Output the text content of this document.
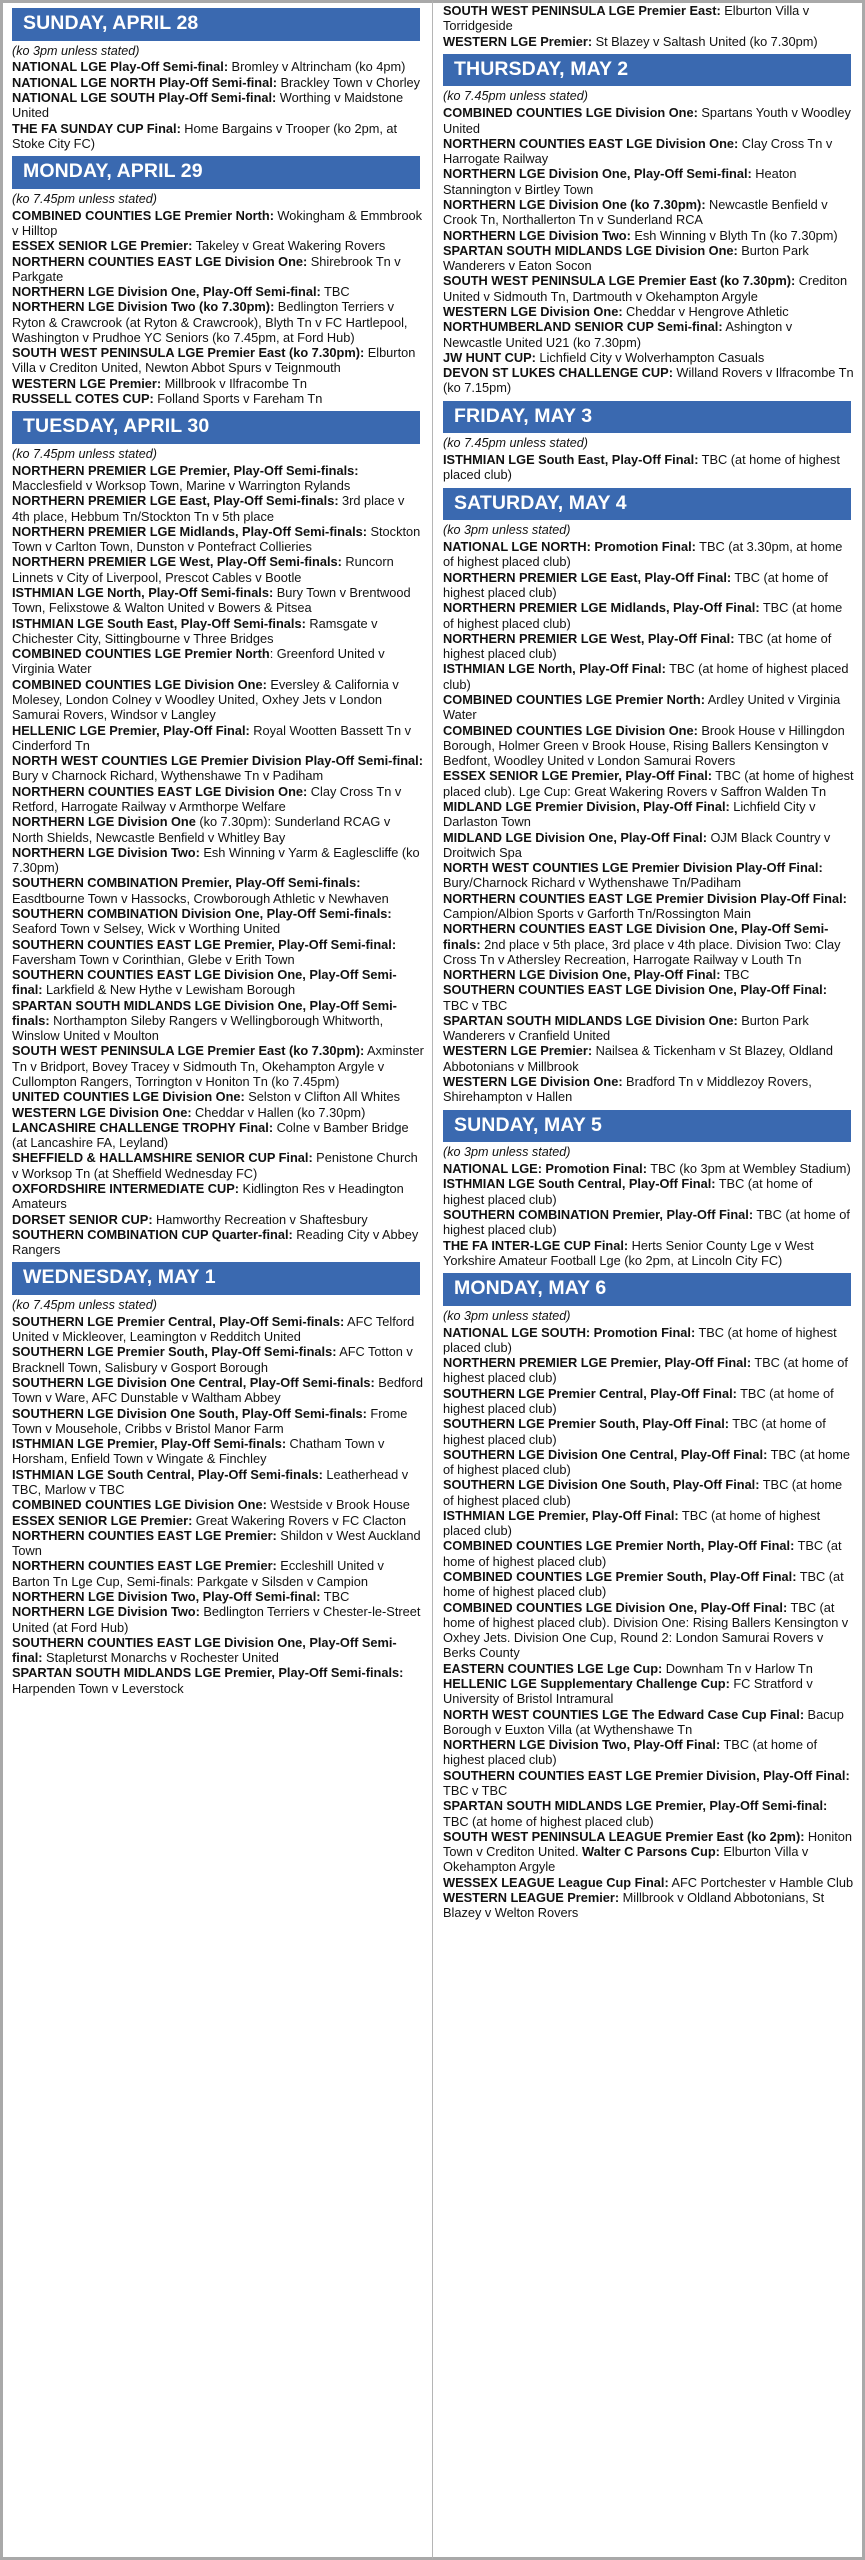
SUNDAY, APRIL 28
(ko 3pm unless stated)

NATIONAL LGE Play-Off Semi-final: Bromley v Altrincham (ko 4pm)

NATIONAL LGE NORTH Play-Off Semi-final: Brackley Town v Chorley

NATIONAL LGE SOUTH Play-Off Semi-final: Worthing v Maidstone United

THE FA SUNDAY CUP Final: Home Bargains v Trooper (ko 2pm, at Stoke City FC)

MONDAY, APRIL 29
(ko 7.45pm unless stated)

COMBINED COUNTIES LGE Premier North: Wokingham & Emmbrook v Hilltop

ESSEX SENIOR LGE Premier: Takeley v Great Wakering Rovers

NORTHERN COUNTIES EAST LGE Division One: Shirebrook Tn v Parkgate

NORTHERN LGE Division One, Play-Off Semi-final: TBC

NORTHERN LGE Division Two (ko 7.30pm): Bedlington Terriers v Ryton & Crawcrook (at Ryton & Crawcrook), Blyth Tn v FC Hartlepool, Washington v Prudhoe YC Seniors (ko 7.45pm, at Ford Hub)

SOUTH WEST PENINSULA LGE Premier East (ko 7.30pm): Elburton Villa v Crediton United, Newton Abbot Spurs v Teignmouth

WESTERN LGE Premier: Millbrook v Ilfracombe Tn

RUSSELL COTES CUP: Folland Sports v Fareham Tn

TUESDAY, APRIL 30
(ko 7.45pm unless stated)

NORTHERN PREMIER LGE Premier, Play-Off Semi-finals: Macclesfield v Worksop Town, Marine v Warrington Rylands

NORTHERN PREMIER LGE East, Play-Off Semi-finals: 3rd place v 4th place, Hebbum Tn/Stockton Tn v 5th place

NORTHERN PREMIER LGE Midlands, Play-Off Semi-finals: Stockton Town v Carlton Town, Dunston v Pontefract Collieries

NORTHERN PREMIER LGE West, Play-Off Semi-finals: Runcorn Linnets v City of Liverpool, Prescot Cables v Bootle

ISTHMIAN LGE North, Play-Off Semi-finals: Bury Town v Brentwood Town, Felixstowe & Walton United v Bowers & Pitsea

ISTHMIAN LGE South East, Play-Off Semi-finals: Ramsgate v Chichester City, Sittingbourne v Three Bridges

COMBINED COUNTIES LGE Premier North: Greenford United v Virginia Water

COMBINED COUNTIES LGE Division One: Eversley & California v Molesey, London Colney v Woodley United, Oxhey Jets v London Samurai Rovers, Windsor v Langley

HELLENIC LGE Premier, Play-Off Final: Royal Wootten Bassett Tn v Cinderford Tn

NORTH WEST COUNTIES LGE Premier Division Play-Off Semi-final: Bury v Charnock Richard, Wythenshawe Tn v Padiham

NORTHERN COUNTIES EAST LGE Division One: Clay Cross Tn v Retford, Harrogate Railway v Armthorpe Welfare

NORTHERN LGE Division One (ko 7.30pm): Sunderland RCAG v North Shields, Newcastle Benfield v Whitley Bay

NORTHERN LGE Division Two: Esh Winning v Yarm & Eaglescliffe (ko 7.30pm)

SOUTHERN COMBINATION Premier, Play-Off Semi-finals: Easdtbourne Town v Hassocks, Crowborough Athletic v Newhaven

SOUTHERN COMBINATION Division One, Play-Off Semi-finals: Seaford Town v Selsey, Wick v Worthing United

SOUTHERN COUNTIES EAST LGE Premier, Play-Off Semi-final: Faversham Town v Corinthian, Glebe v Erith Town

SOUTHERN COUNTIES EAST LGE Division One, Play-Off Semi-final: Larkfield & New Hythe v Lewisham Borough

SPARTAN SOUTH MIDLANDS LGE Division One, Play-Off Semi-finals: Northampton Sileby Rangers v Wellingborough Whitworth, Winslow United v Moulton

SOUTH WEST PENINSULA LGE Premier East (ko 7.30pm): Axminster Tn v Bridport, Bovey Tracey v Sidmouth Tn, Okehampton Argyle v Cullompton Rangers, Torrington v Honiton Tn (ko 7.45pm)

UNITED COUNTIES LGE Division One: Selston v Clifton All Whites

WESTERN LGE Division One: Cheddar v Hallen (ko 7.30pm)

LANCASHIRE CHALLENGE TROPHY Final: Colne v Bamber Bridge (at Lancashire FA, Leyland)

SHEFFIELD & HALLAMSHIRE SENIOR CUP Final: Penistone Church v Worksop Tn (at Sheffield Wednesday FC)

OXFORDSHIRE INTERMEDIATE CUP: Kidlington Res v Headington Amateurs

DORSET SENIOR CUP: Hamworthy Recreation v Shaftesbury

SOUTHERN COMBINATION CUP Quarter-final: Reading City v Abbey Rangers

WEDNESDAY, MAY 1
(ko 7.45pm unless stated)

SOUTHERN LGE Premier Central, Play-Off Semi-finals: AFC Telford United v Mickleover, Leamington v Redditch United

SOUTHERN LGE Premier South, Play-Off Semi-finals: AFC Totton v Bracknell Town, Salisbury v Gosport Borough

SOUTHERN LGE Division One Central, Play-Off Semi-finals: Bedford Town v Ware, AFC Dunstable v Waltham Abbey

SOUTHERN LGE Division One South, Play-Off Semi-finals: Frome Town v Mousehole, Cribbs v Bristol Manor Farm

ISTHMIAN LGE Premier, Play-Off Semi-finals: Chatham Town v Horsham, Enfield Town v Wingate & Finchley

ISTHMIAN LGE South Central, Play-Off Semi-finals: Leatherhead v TBC, Marlow v TBC

COMBINED COUNTIES LGE Division One: Westside v Brook House

ESSEX SENIOR LGE Premier: Great Wakering Rovers v FC Clacton

NORTHERN COUNTIES EAST LGE Premier: Shildon v West Auckland Town

NORTHERN COUNTIES EAST LGE Premier: Eccleshill United v Barton Tn Lge Cup, Semi-finals: Parkgate v Silsden v Campion

NORTHERN LGE Division Two, Play-Off Semi-final: TBC

NORTHERN LGE Division Two: Bedlington Terriers v Chester-le-Street United (at Ford Hub)

SOUTHERN COUNTIES EAST LGE Division One, Play-Off Semi-final: Stapleturst Monarchs v Rochester United

SPARTAN SOUTH MIDLANDS LGE Premier, Play-Off Semi-finals: Harpenden Town v Leverstock

SOUTH WEST PENINSULA LGE Premier East: Elburton Villa v Torridgeside

WESTERN LGE Premier: St Blazey v Saltash United (ko 7.30pm)

THURSDAY, MAY 2
(ko 7.45pm unless stated)

COMBINED COUNTIES LGE Division One: Spartans Youth v Woodley United

NORTHERN COUNTIES EAST LGE Division One: Clay Cross Tn v Harrogate Railway

NORTHERN LGE Division One, Play-Off Semi-final: Heaton Stannington v Birtley Town

NORTHERN LGE Division One (ko 7.30pm): Newcastle Benfield v Crook Tn, Northallerton Tn v Sunderland RCA

NORTHERN LGE Division Two: Esh Winning v Blyth Tn (ko 7.30pm)

SPARTAN SOUTH MIDLANDS LGE Division One: Burton Park Wanderers v Eaton Socon

SOUTH WEST PENINSULA LGE Premier East (ko 7.30pm): Crediton United v Sidmouth Tn, Dartmouth v Okehampton Argyle

WESTERN LGE Division One: Cheddar v Hengrove Athletic

NORTHUMBERLAND SENIOR CUP Semi-final: Ashington v Newcastle United U21 (ko 7.30pm)

JW HUNT CUP: Lichfield City v Wolverhampton Casuals

DEVON ST LUKES CHALLENGE CUP: Willand Rovers v Ilfracombe Tn (ko 7.15pm)

FRIDAY, MAY 3
(ko 7.45pm unless stated)

ISTHMIAN LGE South East, Play-Off Final: TBC (at home of highest placed club)

SATURDAY, MAY 4
(ko 3pm unless stated)

NATIONAL LGE NORTH: Promotion Final: TBC (at 3.30pm, at home of highest placed club)

NORTHERN PREMIER LGE East, Play-Off Final: TBC (at home of highest placed club)

NORTHERN PREMIER LGE Midlands, Play-Off Final: TBC (at home of highest placed club)

NORTHERN PREMIER LGE West, Play-Off Final: TBC (at home of highest placed club)

ISTHMIAN LGE North, Play-Off Final: TBC (at home of highest placed club)

COMBINED COUNTIES LGE Premier North: Ardley United v Virginia Water

COMBINED COUNTIES LGE Division One: Brook House v Hillingdon Borough, Holmer Green v Brook House, Rising Ballers Kensington v Bedfont, Woodley United v London Samurai Rovers

ESSEX SENIOR LGE Premier, Play-Off Final: TBC (at home of highest placed club). Lge Cup: Great Wakering Rovers v Saffron Walden Tn

MIDLAND LGE Premier Division, Play-Off Final: Lichfield City v Darlaston Town

MIDLAND LGE Division One, Play-Off Final: OJM Black Country v Droitwich Spa

NORTH WEST COUNTIES LGE Premier Division Play-Off Final: Bury/Charnock Richard v Wythenshawe Tn/Padiham

NORTHERN COUNTIES EAST LGE Premier Division Play-Off Final: Campion/Albion Sports v Garforth Tn/Rossington Main

NORTHERN COUNTIES EAST LGE Division One, Play-Off Semi-finals: 2nd place v 5th place, 3rd place v 4th place. Division Two: Clay Cross Tn v Athersley Recreation, Harrogate Railway v Louth Tn

NORTHERN LGE Division One, Play-Off Final: TBC

SOUTHERN COUNTIES EAST LGE Division One, Play-Off Final: TBC v TBC

SPARTAN SOUTH MIDLANDS LGE Division One: Burton Park Wanderers v Cranfield United

WESTERN LGE Premier: Nailsea & Tickenham v St Blazey, Oldland Abbotonians v Millbrook

WESTERN LGE Division One: Bradford Tn v Middlezoy Rovers, Shirehampton v Hallen

SUNDAY, MAY 5
(ko 3pm unless stated)

NATIONAL LGE: Promotion Final: TBC (ko 3pm at Wembley Stadium)

ISTHMIAN LGE South Central, Play-Off Final: TBC (at home of highest placed club)

SOUTHERN COMBINATION Premier, Play-Off Final: TBC (at home of highest placed club)

THE FA INTER-LGE CUP Final: Herts Senior County Lge v West Yorkshire Amateur Football Lge (ko 2pm, at Lincoln City FC)

MONDAY, MAY 6
(ko 3pm unless stated)

NATIONAL LGE SOUTH: Promotion Final: TBC (at home of highest placed club)

NORTHERN PREMIER LGE Premier, Play-Off Final: TBC (at home of highest placed club)

SOUTHERN LGE Premier Central, Play-Off Final: TBC (at home of highest placed club)

SOUTHERN LGE Premier South, Play-Off Final: TBC (at home of highest placed club)

SOUTHERN LGE Division One Central, Play-Off Final: TBC (at home of highest placed club)

SOUTHERN LGE Division One South, Play-Off Final: TBC (at home of highest placed club)

ISTHMIAN LGE Premier, Play-Off Final: TBC (at home of highest placed club)

COMBINED COUNTIES LGE Premier North, Play-Off Final: TBC (at home of highest placed club)

COMBINED COUNTIES LGE Premier South, Play-Off Final: TBC (at home of highest placed club)

COMBINED COUNTIES LGE Division One, Play-Off Final: TBC (at home of highest placed club). Division One: Rising Ballers Kensington v Oxhey Jets. Division One Cup, Round 2: London Samurai Rovers v Berks County

EASTERN COUNTIES LGE Lge Cup: Downham Tn v Harlow Tn

HELLENIC LGE Supplementary Challenge Cup: FC Stratford v University of Bristol Intramural

NORTH WEST COUNTIES LGE The Edward Case Cup Final: Bacup Borough v Euxton Villa (at Wythenshawe Tn

NORTHERN LGE Division Two, Play-Off Final: TBC (at home of highest placed club)

SOUTHERN COUNTIES EAST LGE Premier Division, Play-Off Final: TBC v TBC

SPARTAN SOUTH MIDLANDS LGE Premier, Play-Off Semi-final: TBC (at home of highest placed club)

SOUTH WEST PENINSULA LEAGUE Premier East (ko 2pm): Honiton Town v Crediton United. Walter C Parsons Cup: Elburton Villa v Okehampton Argyle

WESSEX LEAGUE League Cup Final: AFC Portchester v Hamble Club

WESTERN LEAGUE Premier: Millbrook v Oldland Abbotonians, St Blazey v Welton Rovers
